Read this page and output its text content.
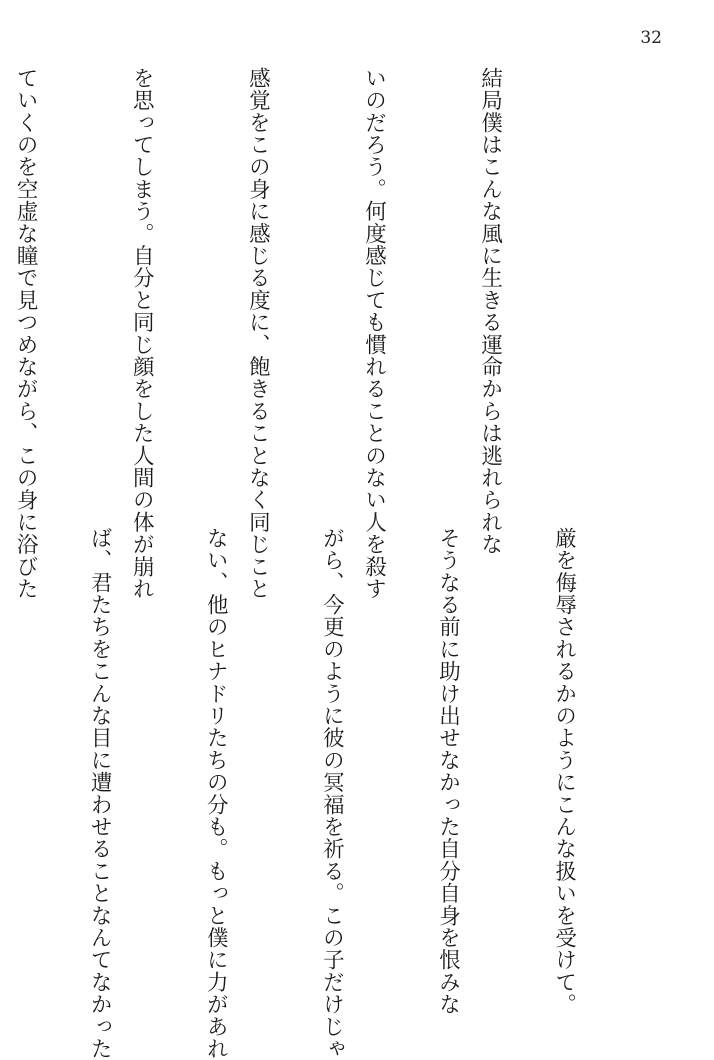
32

結局僕はこんな風に生きる運命からは逃れられな

いのだろう。何度感じても慣れることのない人を殺す

感覚をこの身に感じる度に、飽きることなく同じこと

を思ってしまう。自分と同じ顔をした人間の体が崩れ

ていくのを空虚な瞳で見つめながら、この身に浴びた

厳を侮辱されるかのようにこんな扱いを受けて。

そうなる前に助け出せなかった自分自身を恨みな

がら、今更のように彼の冥福を祈る。この子だけじゃ

ない、他のヒナドリたちの分も。もっと僕に力があれ

ば、君たちをこんな目に遭わせることなんてなかった
